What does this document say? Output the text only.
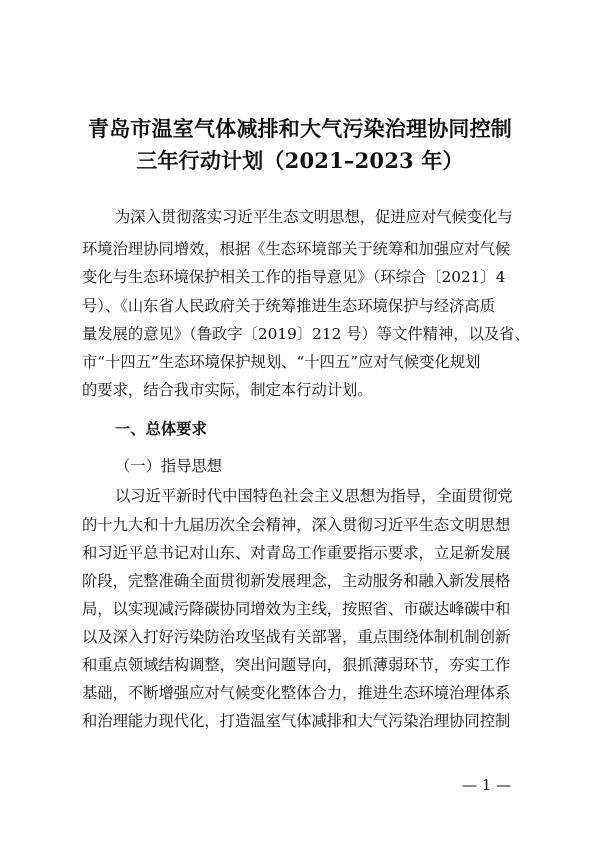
青岛市温室气体减排和大气污染治理协同控制
三年行动计划（2021–2023 年）
为深入贯彻落实习近平生态文明思想，促进应对气候变化与
环境治理协同增效，根据《生态环境部关于统筹和加强应对气候
变化与生态环境保护相关工作的指导意见》（环综合〔2021〕4
号）、《山东省人民政府关于统筹推进生态环境保护与经济高质
量发展的意见》（鲁政字〔2019〕212 号）等文件精神，以及省、
市“十四五”生态环境保护规划、“十四五”应对气候变化规划
的要求，结合我市实际，制定本行动计划。
一、总体要求
（一）指导思想
以习近平新时代中国特色社会主义思想为指导，全面贯彻党
的十九大和十九届历次全会精神，深入贯彻习近平生态文明思想
和习近平总书记对山东、对青岛工作重要指示要求，立足新发展
阶段，完整准确全面贯彻新发展理念，主动服务和融入新发展格
局，以实现减污降碳协同增效为主线，按照省、市碳达峰碳中和
以及深入打好污染防治攻坚战有关部署，重点围绕体制机制创新
和重点领域结构调整，突出问题导向，狠抓薄弱环节，夯实工作
基础，不断增强应对气候变化整体合力，推进生态环境治理体系
和治理能力现代化，打造温室气体减排和大气污染治理协同控制
— 1 —
